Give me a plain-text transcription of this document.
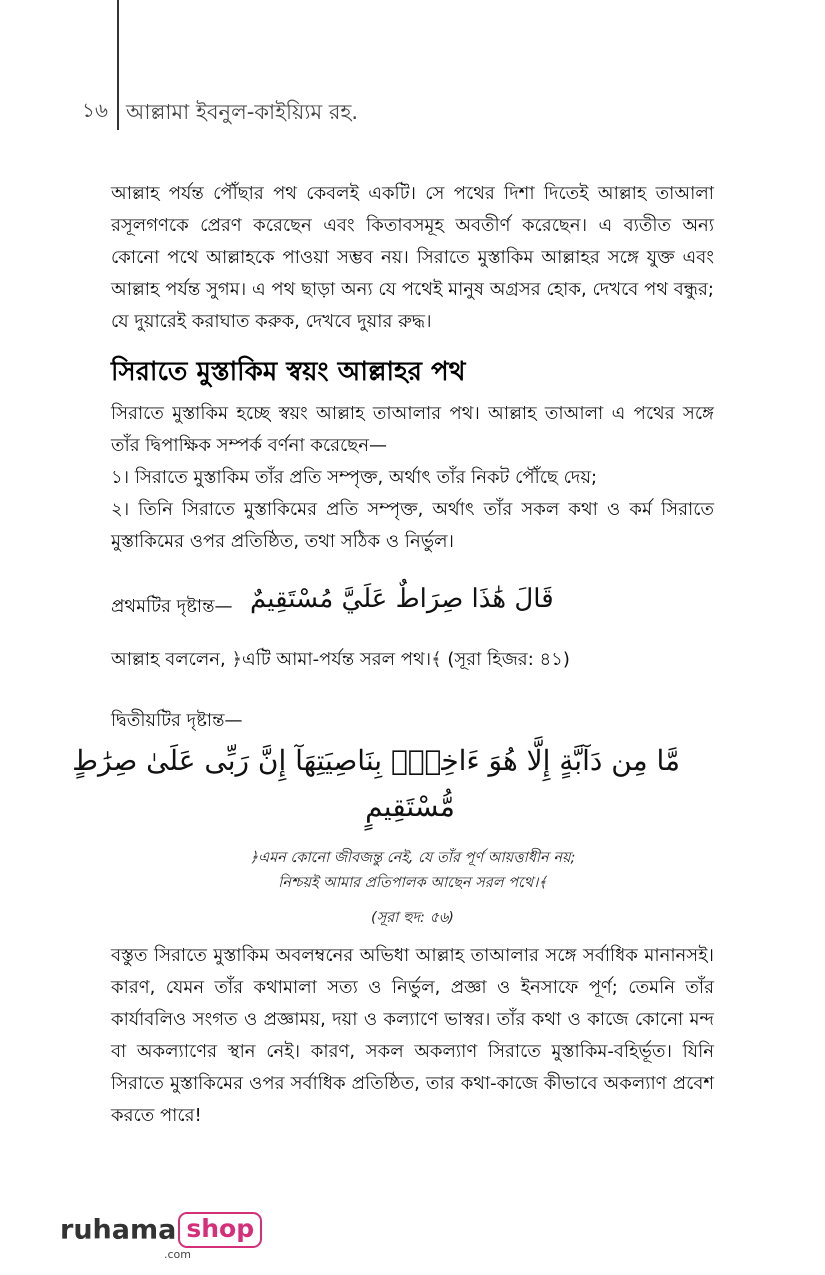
১৬ আল্লামা ইবনুল-কাইয়্যিম রহ.

আল্লাহ পর্যন্ত পৌঁছার পথ কেবলই একটি। সে পথের দিশা দিতেই আল্লাহ তাআলা রসূলগণকে প্রেরণ করেছেন এবং কিতাবসমূহ অবতীর্ণ করেছেন। এ ব্যতীত অন্য কোনো পথে আল্লাহকে পাওয়া সম্ভব নয়। সিরাতে মুস্তাকিম আল্লাহর সঙ্গে যুক্ত এবং আল্লাহ পর্যন্ত সুগম। এ পথ ছাড়া অন্য যে পথেই মানুষ অগ্রসর হোক, দেখবে পথ বন্ধুর; যে দুয়ারেই করাঘাত করুক, দেখবে দুয়ার রুদ্ধ।

সিরাতে মুস্তাকিম স্বয়ং আল্লাহর পথ

সিরাতে মুস্তাকিম হচ্ছে স্বয়ং আল্লাহ তাআলার পথ। আল্লাহ তাআলা এ পথের সঙ্গে তাঁর দ্বিপাক্ষিক সম্পর্ক বর্ণনা করেছেন—

১। সিরাতে মুস্তাকিম তাঁর প্রতি সম্পৃক্ত, অর্থাৎ তাঁর নিকট পৌঁছে দেয়;

২। তিনি সিরাতে মুস্তাকিমের প্রতি সম্পৃক্ত, অর্থাৎ তাঁর সকল কথা ও কর্ম সিরাতে মুস্তাকিমের ওপর প্রতিষ্ঠিত, তথা সঠিক ও নির্ভুল।

প্রথমটির দৃষ্টান্ত— قَالَ هَٰذَا صِرَاطٌ عَلَيَّ مُسْتَقِيمٌ
আল্লাহ বললেন, ﴿এটি আমা-পর্যন্ত সরল পথ।﴾ (সূরা হিজর: ৪১)
দ্বিতীয়টির দৃষ্টান্ত—
مَّا مِن دَآبَّةٍ إِلَّا هُوَ ءَاخِذٌۢ بِنَاصِيَتِهَآ إِنَّ رَبِّى عَلَىٰ صِرَٰطٍ
مُّسْتَقِيمٍ
﴿এমন কোনো জীবজন্তু নেই, যে তাঁর পূর্ণ আয়ত্তাধীন নয়;
নিশ্চয়ই আমার প্রতিপালক আছেন সরল পথে।﴾
(সূরা হুদ: ৫৬)

বস্তুত সিরাতে মুস্তাকিম অবলম্বনের অভিধা আল্লাহ তাআলার সঙ্গে সর্বাধিক মানানসই। কারণ, যেমন তাঁর কথামালা সত্য ও নির্ভুল, প্রজ্ঞা ও ইনসাফে পূর্ণ; তেমনি তাঁর কার্যাবলিও সংগত ও প্রজ্ঞাময়, দয়া ও কল্যাণে ভাস্বর। তাঁর কথা ও কাজে কোনো মন্দ বা অকল্যাণের স্থান নেই। কারণ, সকল অকল্যাণ সিরাতে মুস্তাকিম-বহির্ভূত। যিনি সিরাতে মুস্তাকিমের ওপর সর্বাধিক প্রতিষ্ঠিত, তার কথা-কাজে কীভাবে অকল্যাণ প্রবেশ করতে পারে!

ruhama shop
.com
